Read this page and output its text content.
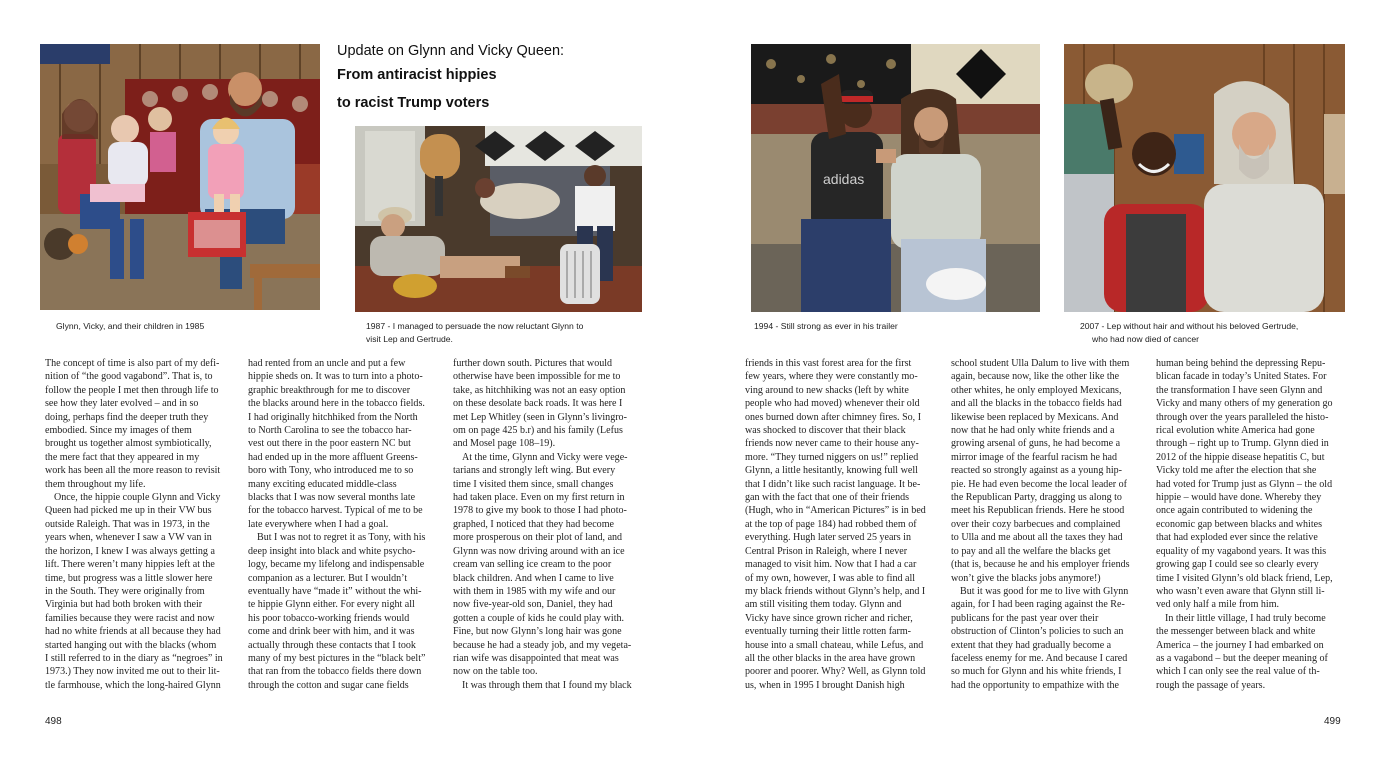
Glynn, Vicky, and their children in 1985
Update on Glynn and Vicky Queen:
From antiracist hippies
to racist Trump voters
1987 - I managed to persuade the now reluctant Glynn to
visit Lep and Gertrude.
The concept of time is also part of my defi-
nition of “the good vagabond”. That is, to
follow the people I met then through life to
see how they later evolved – and in so
doing, perhaps find the deeper truth they
embodied. Since my images of them
brought us together almost symbiotically,
the mere fact that they appeared in my
work has been all the more reason to revisit
them throughout my life.
Once, the hippie couple Glynn and Vicky
Queen had picked me up in their VW bus
outside Raleigh. That was in 1973, in the
years when, whenever I saw a VW van in
the horizon, I knew I was always getting a
lift. There weren’t many hippies left at the
time, but progress was a little slower here
in the South. They were originally from
Virginia but had both broken with their
families because they were racist and now
had no white friends at all because they had
started hanging out with the blacks (whom
I still referred to in the diary as “negroes” in
1973.) They now invited me out to their lit-
tle farmhouse, which the long-haired Glynn
had rented from an uncle and put a few
hippie sheds on. It was to turn into a photo-
graphic breakthrough for me to discover
the blacks around here in the tobacco fields.
I had originally hitchhiked from the North
to North Carolina to see the tobacco har-
vest out there in the poor eastern NC but
had ended up in the more affluent Greens-
boro with Tony, who introduced me to so
many exciting educated middle-class
blacks that I was now several months late
for the tobacco harvest. Typical of me to be
late everywhere when I had a goal.
But I was not to regret it as Tony, with his
deep insight into black and white psycho-
logy, became my lifelong and indispensable
companion as a lecturer. But I wouldn’t
eventually have “made it” without the whi-
te hippie Glynn either. For every night all
his poor tobacco-working friends would
come and drink beer with him, and it was
actually through these contacts that I took
many of my best pictures in the “black belt”
that ran from the tobacco fields there down
through the cotton and sugar cane fields
further down south. Pictures that would
otherwise have been impossible for me to
take, as hitchhiking was not an easy option
on these desolate back roads. It was here I
met Lep Whitley (seen in Glynn’s livingro-
om on page 425 b.r) and his family (Lefus
and Mosel page 108–19).
At the time, Glynn and Vicky were vege-
tarians and strongly left wing. But every
time I visited them since, small changes
had taken place. Even on my first return in
1978 to give my book to those I had photo-
graphed, I noticed that they had become
more prosperous on their plot of land, and
Glynn was now driving around with an ice
cream van selling ice cream to the poor
black children. And when I came to live
with them in 1985 with my wife and our
now five-year-old son, Daniel, they had
gotten a couple of kids he could play with.
Fine, but now Glynn’s long hair was gone
because he had a steady job, and my vegeta-
rian wife was disappointed that meat was
now on the table too.
It was through them that I found my black
498
adidas
1994 - Still strong as ever in his trailer	2007 - Lep without hair and without his beloved Gertrude,
who had now died of cancer
friends in this vast forest area for the first
few years, where they were constantly mo-
ving around to new shacks (left by white
people who had moved) whenever their old
ones burned down after chimney fires. So, I
was shocked to discover that their black
friends now never came to their house any-
more. “They turned niggers on us!” replied
Glynn, a little hesitantly, knowing full well
that I didn’t like such racist language. It be-
gan with the fact that one of their friends
(Hugh, who in “American Pictures” is in bed
at the top of page 184) had robbed them of
everything. Hugh later served 25 years in
Central Prison in Raleigh, where I never
managed to visit him. Now that I had a car
of my own, however, I was able to find all
my black friends without Glynn’s help, and I
am still visiting them today. Glynn and
Vicky have since grown richer and richer,
eventually turning their little rotten farm-
house into a small chateau, while Lefus, and
all the other blacks in the area have grown
poorer and poorer. Why? Well, as Glynn told
us, when in 1995 I brought Danish high
school student Ulla Dalum to live with them
again, because now, like the other like the
other whites, he only employed Mexicans,
and all the blacks in the tobacco fields had
likewise been replaced by Mexicans. And
now that he had only white friends and a
growing arsenal of guns, he had become a
mirror image of the fearful racism he had
reacted so strongly against as a young hip-
pie. He had even become the local leader of
the Republican Party, dragging us along to
meet his Republican friends. Here he stood
over their cozy barbecues and complained
to Ulla and me about all the taxes they had
to pay and all the welfare the blacks get
(that is, because he and his employer friends
won’t give the blacks jobs anymore!)
But it was good for me to live with Glynn
again, for I had been raging against the Re-
publicans for the past year over their
obstruction of Clinton’s policies to such an
extent that they had gradually become a
faceless enemy for me. And because I cared
so much for Glynn and his white friends, I
had the opportunity to empathize with the
human being behind the depressing Repu-
blican facade in today’s United States. For
the transformation I have seen Glynn and
Vicky and many others of my generation go
through over the years paralleled the histo-
rical evolution white America had gone
through – right up to Trump. Glynn died in
2012 of the hippie disease hepatitis C, but
Vicky told me after the election that she
had voted for Trump just as Glynn – the old
hippie – would have done. Whereby they
once again contributed to widening the
economic gap between blacks and whites
that had exploded ever since the relative
equality of my vagabond years. It was this
growing gap I could see so clearly every
time I visited Glynn’s old black friend, Lep,
who wasn’t even aware that Glynn still li-
ved only half a mile from him.
In their little village, I had truly become
the messenger between black and white
America – the journey I had embarked on
as a vagabond – but the deeper meaning of
which I can only see the real value of th-
rough the passage of years.
499
